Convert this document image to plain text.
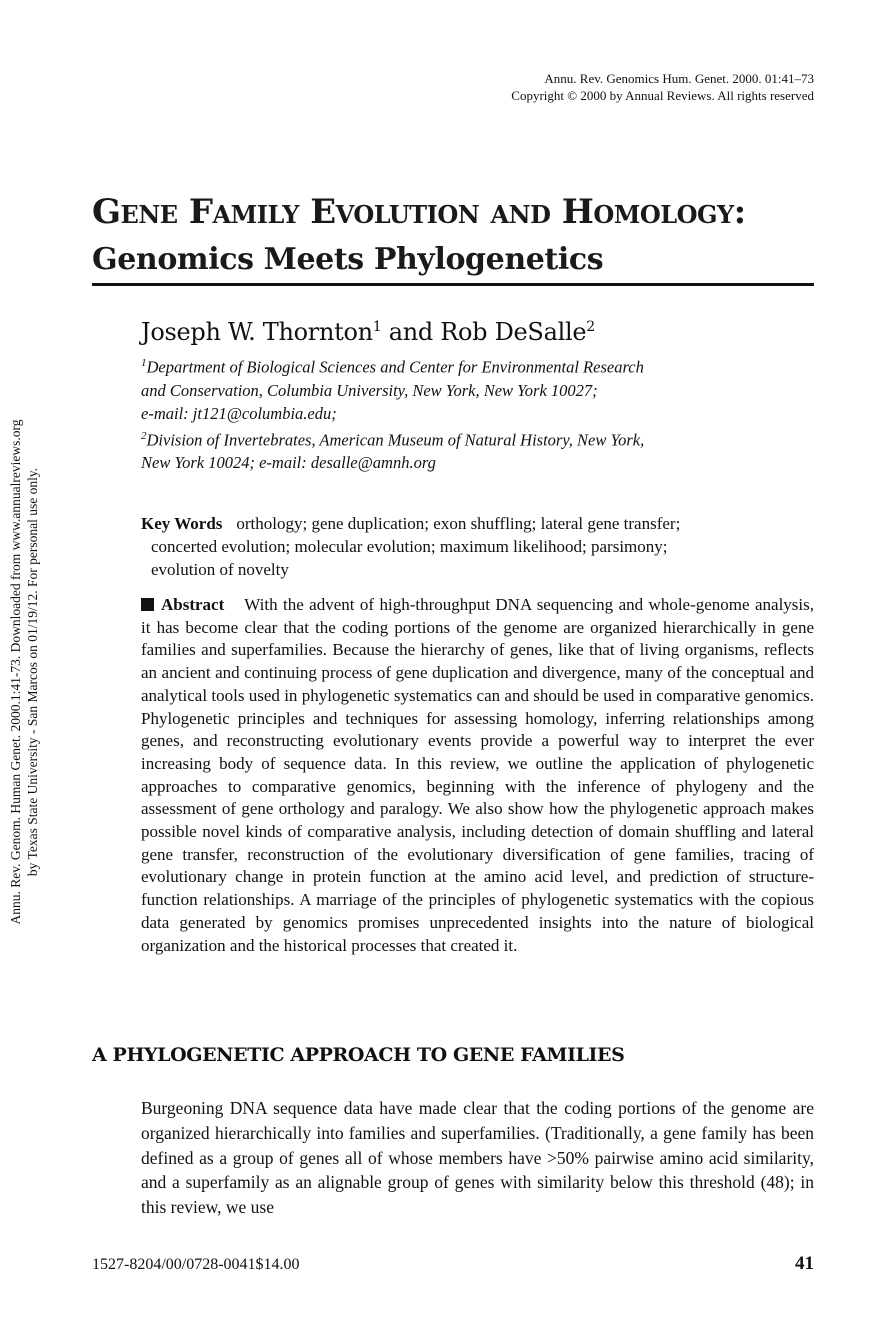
Annu. Rev. Genomics Hum. Genet. 2000. 01:41–73
Copyright © 2000 by Annual Reviews. All rights reserved
Gene Family Evolution and Homology:
Genomics Meets Phylogenetics
Joseph W. Thornton$^1$ and Rob DeSalle$^2$
$^1$Department of Biological Sciences and Center for Environmental Research
and Conservation, Columbia University, New York, New York 10027;
e-mail: jt121@columbia.edu;
$^2$Division of Invertebrates, American Museum of Natural History, New York,
New York 10024; e-mail: desalle@amnh.org
Key Words orthology; gene duplication; exon shuffling; lateral gene transfer;
concerted evolution; molecular evolution; maximum likelihood; parsimony;
evolution of novelty
Abstract With the advent of high-throughput DNA sequencing and whole-genome analysis, it has become clear that the coding portions of the genome are organized hierarchically in gene families and superfamilies. Because the hierarchy of genes, like that of living organisms, reflects an ancient and continuing process of gene duplication and divergence, many of the conceptual and analytical tools used in phylogenetic systematics can and should be used in comparative genomics. Phylogenetic principles and techniques for assessing homology, inferring relationships among genes, and reconstructing evolutionary events provide a powerful way to interpret the ever increasing body of sequence data. In this review, we outline the application of phylogenetic approaches to comparative genomics, beginning with the inference of phylogeny and the assessment of gene orthology and paralogy. We also show how the phylogenetic approach makes possible novel kinds of comparative analysis, including detection of domain shuffling and lateral gene transfer, reconstruction of the evolutionary diversification of gene families, tracing of evolutionary change in protein function at the amino acid level, and prediction of structure-function relationships. A marriage of the principles of phylogenetic systematics with the copious data generated by genomics promises unprecedented insights into the nature of biological organization and the historical processes that created it.
A PHYLOGENETIC APPROACH TO GENE FAMILIES
Burgeoning DNA sequence data have made clear that the coding portions of the genome are organized hierarchically into families and superfamilies. (Traditionally, a gene family has been defined as a group of genes all of whose members have >50% pairwise amino acid similarity, and a superfamily as an alignable group of genes with similarity below this threshold (48); in this review, we use
1527-8204/00/0728-0041$14.00	41
Annu. Rev. Genom. Human Genet. 2000.1:41-73. Downloaded from www.annualreviews.org by Texas State University - San Marcos on 01/19/12. For personal use only.
